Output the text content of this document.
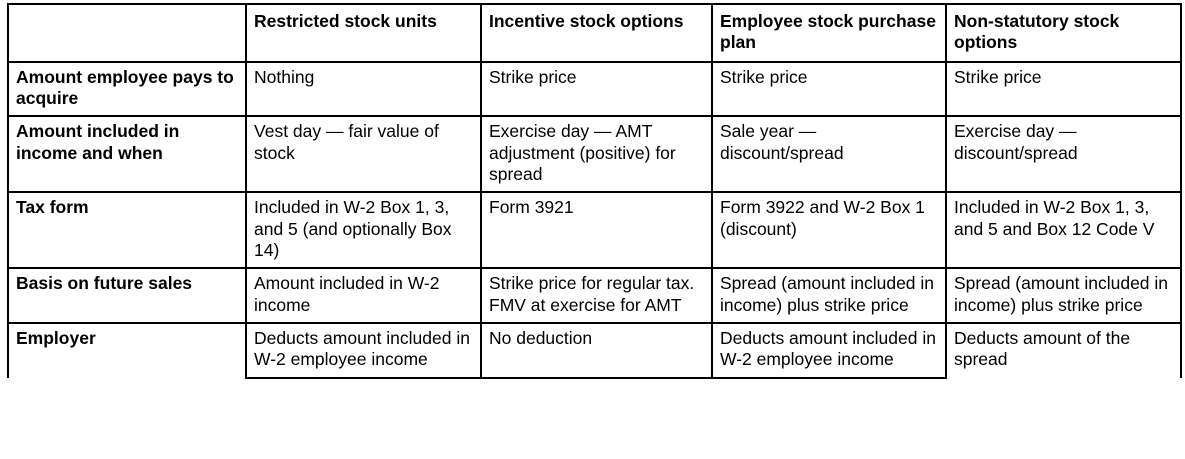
	Restricted stock units	Incentive stock options	Employee stock purchase plan	Non-statutory stock options
Amount employee pays to acquire	Nothing	Strike price	Strike price	Strike price
Amount included in income and when	Vest day — fair value of stock	Exercise day — AMT adjustment (positive) for spread	Sale year — discount/spread	Exercise day — discount/spread
Tax form	Included in W-2 Box 1, 3, and 5 (and optionally Box 14)	Form 3921	Form 3922 and W-2 Box 1 (discount)	Included in W-2 Box 1, 3, and 5 and Box 12 Code V
Basis on future sales	Amount included in W-2 income	Strike price for regular tax. FMV at exercise for AMT	Spread (amount included in income) plus strike price	Spread (amount included in income) plus strike price
Employer	Deducts amount included in W-2 employee income	No deduction	Deducts amount included in W-2 employee income	Deducts amount of the spread
